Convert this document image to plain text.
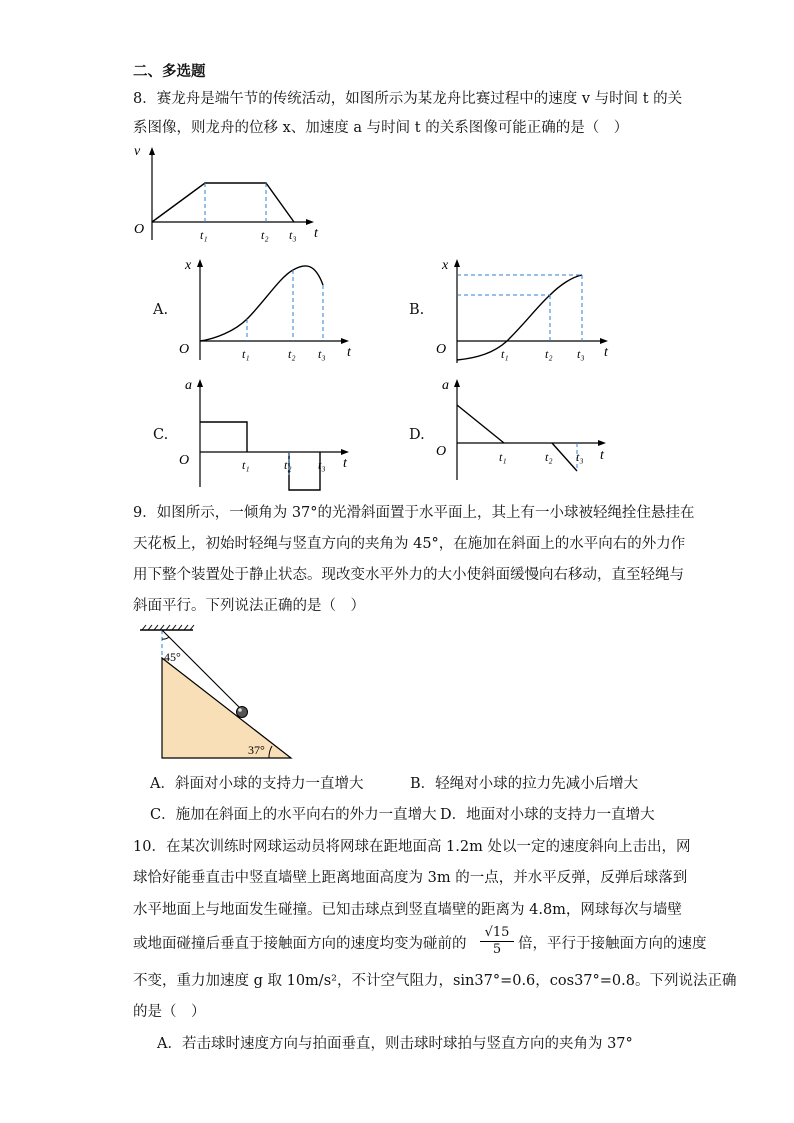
二、多选题
8．赛龙舟是端午节的传统活动，如图所示为某龙舟比赛过程中的速度 v 与时间 t 的关
系图像，则龙舟的位移 x、加速度 a 与时间 t 的关系图像可能正确的是（　）
v
O	t
t₁	t₂ t₃
A.
x
O	t
t₁	t₂ t₃
B.
x
O	t
t₁	t₂ t₃
C.
a
O	t
t₁	t₂ t₃
D.
a
O	t
t₁	t₂ t₃
9．如图所示，一倾角为 37°的光滑斜面置于水平面上，其上有一小球被轻绳拴住悬挂在
天花板上，初始时轻绳与竖直方向的夹角为 45°，在施加在斜面上的水平向右的外力作
用下整个装置处于静止状态。现改变水平外力的大小使斜面缓慢向右移动，直至轻绳与
斜面平行。下列说法正确的是（　）
45°
37°
A．斜面对小球的支持力一直增大	B．轻绳对小球的拉力先减小后增大
C．施加在斜面上的水平向右的外力一直增大 D．地面对小球的支持力一直增大
10．在某次训练时网球运动员将网球在距地面高 1.2m 处以一定的速度斜向上击出，网
球恰好能垂直击中竖直墙壁上距离地面高度为 3m 的一点，并水平反弹，反弹后球落到
水平地面上与地面发生碰撞。已知击球点到竖直墙壁的距离为 4.8m，网球每次与墙壁
或地面碰撞后垂直于接触面方向的速度均变为碰前的 $\frac{√15}{5}$ 倍，平行于接触面方向的速度
不变，重力加速度 g 取 10m/s²，不计空气阻力，sin37°=0.6，cos37°=0.8。下列说法正确
的是（　）
A．若击球时速度方向与拍面垂直，则击球时球拍与竖直方向的夹角为 37°
